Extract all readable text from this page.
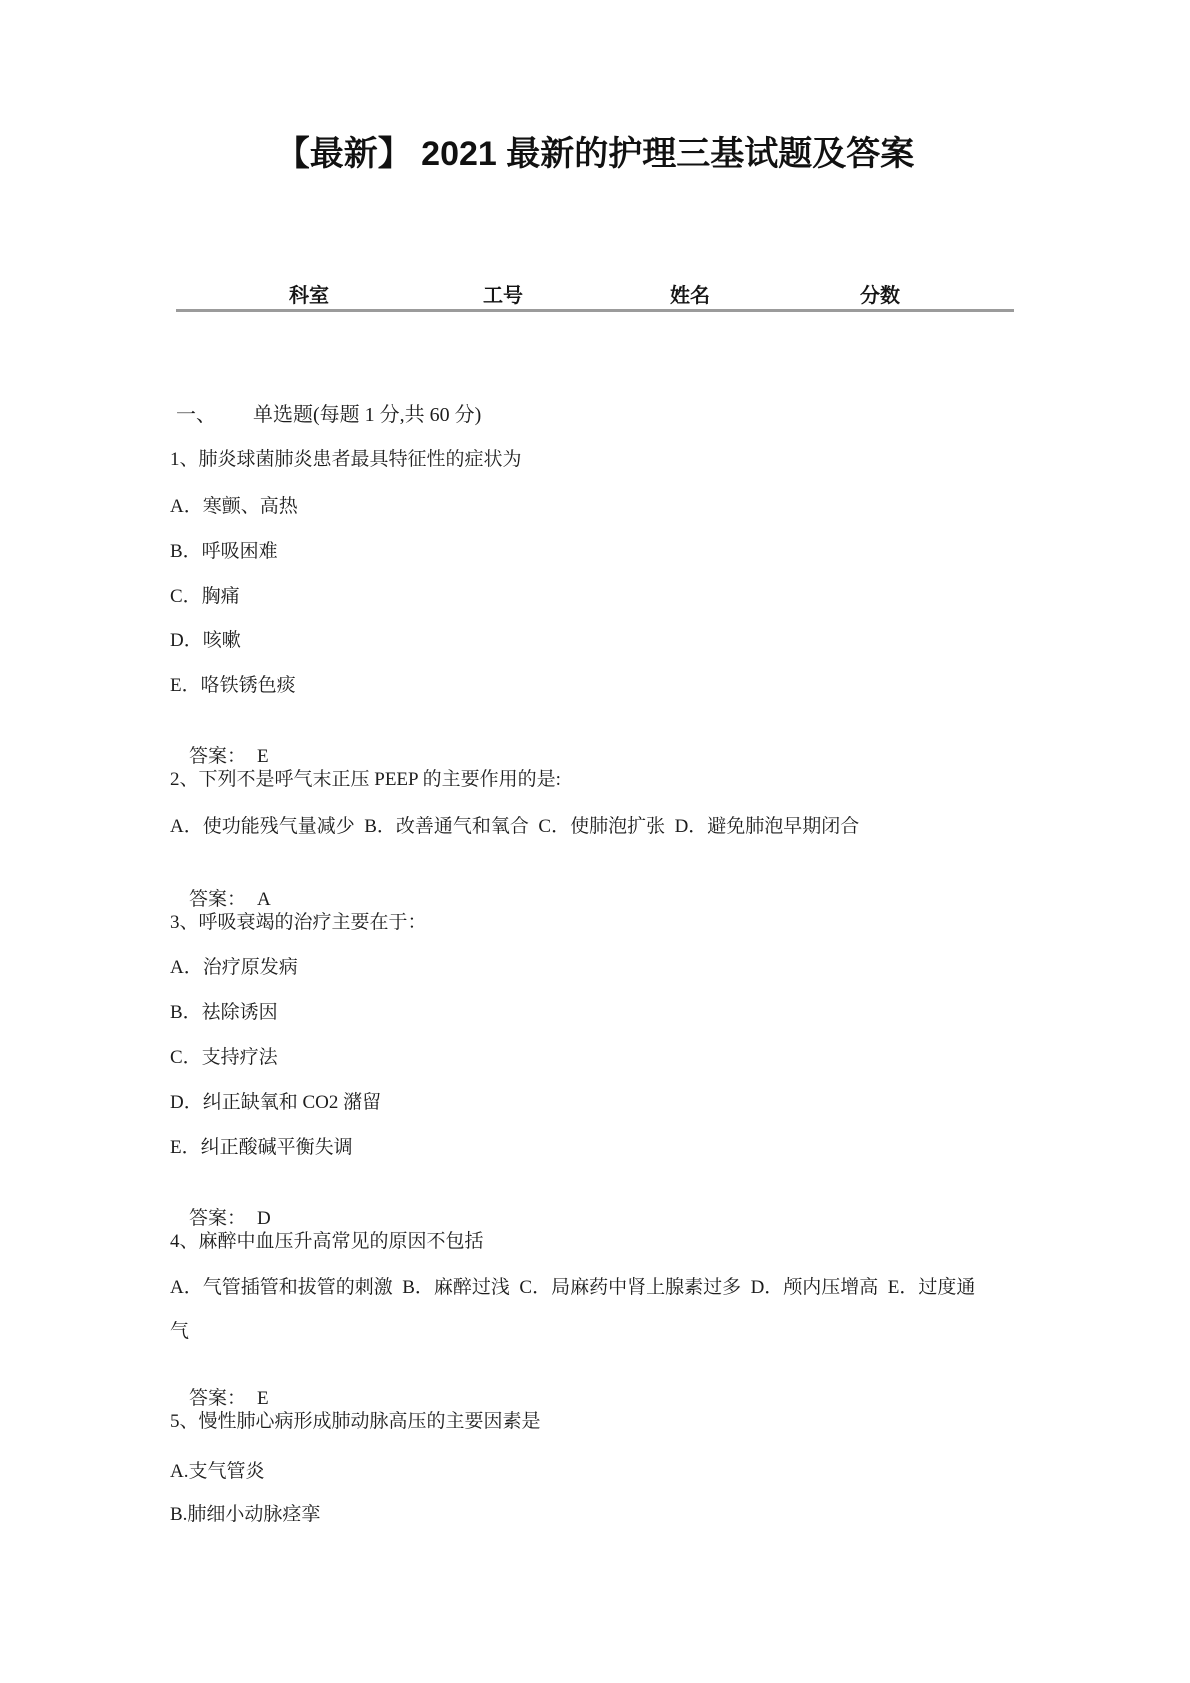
【最新】 2021 最新的护理三基试题及答案
科室	工号	姓名	分数
一、 单选题(每题 1 分,共 60 分)
1、肺炎球菌肺炎患者最具特征性的症状为
A．寒颤、高热
B．呼吸困难
C．胸痛
D．咳嗽
E．咯铁锈色痰

答案： E

2、下列不是呼气末正压 PEEP 的主要作用的是:
A．使功能残气量减少  B．改善通气和氧合  C．使肺泡扩张  D．避免肺泡早期闭合

答案： A

3、呼吸衰竭的治疗主要在于：
A．治疗原发病
B．祛除诱因
C．支持疗法
D．纠正缺氧和 CO2 潴留
E．纠正酸碱平衡失调

答案： D

4、麻醉中血压升高常见的原因不包括
A．气管插管和拔管的刺激  B．麻醉过浅  C．局麻药中肾上腺素过多  D．颅内压增高  E．过度通
气

答案： E

5、慢性肺心病形成肺动脉高压的主要因素是
A.支气管炎
B.肺细小动脉痉挛
